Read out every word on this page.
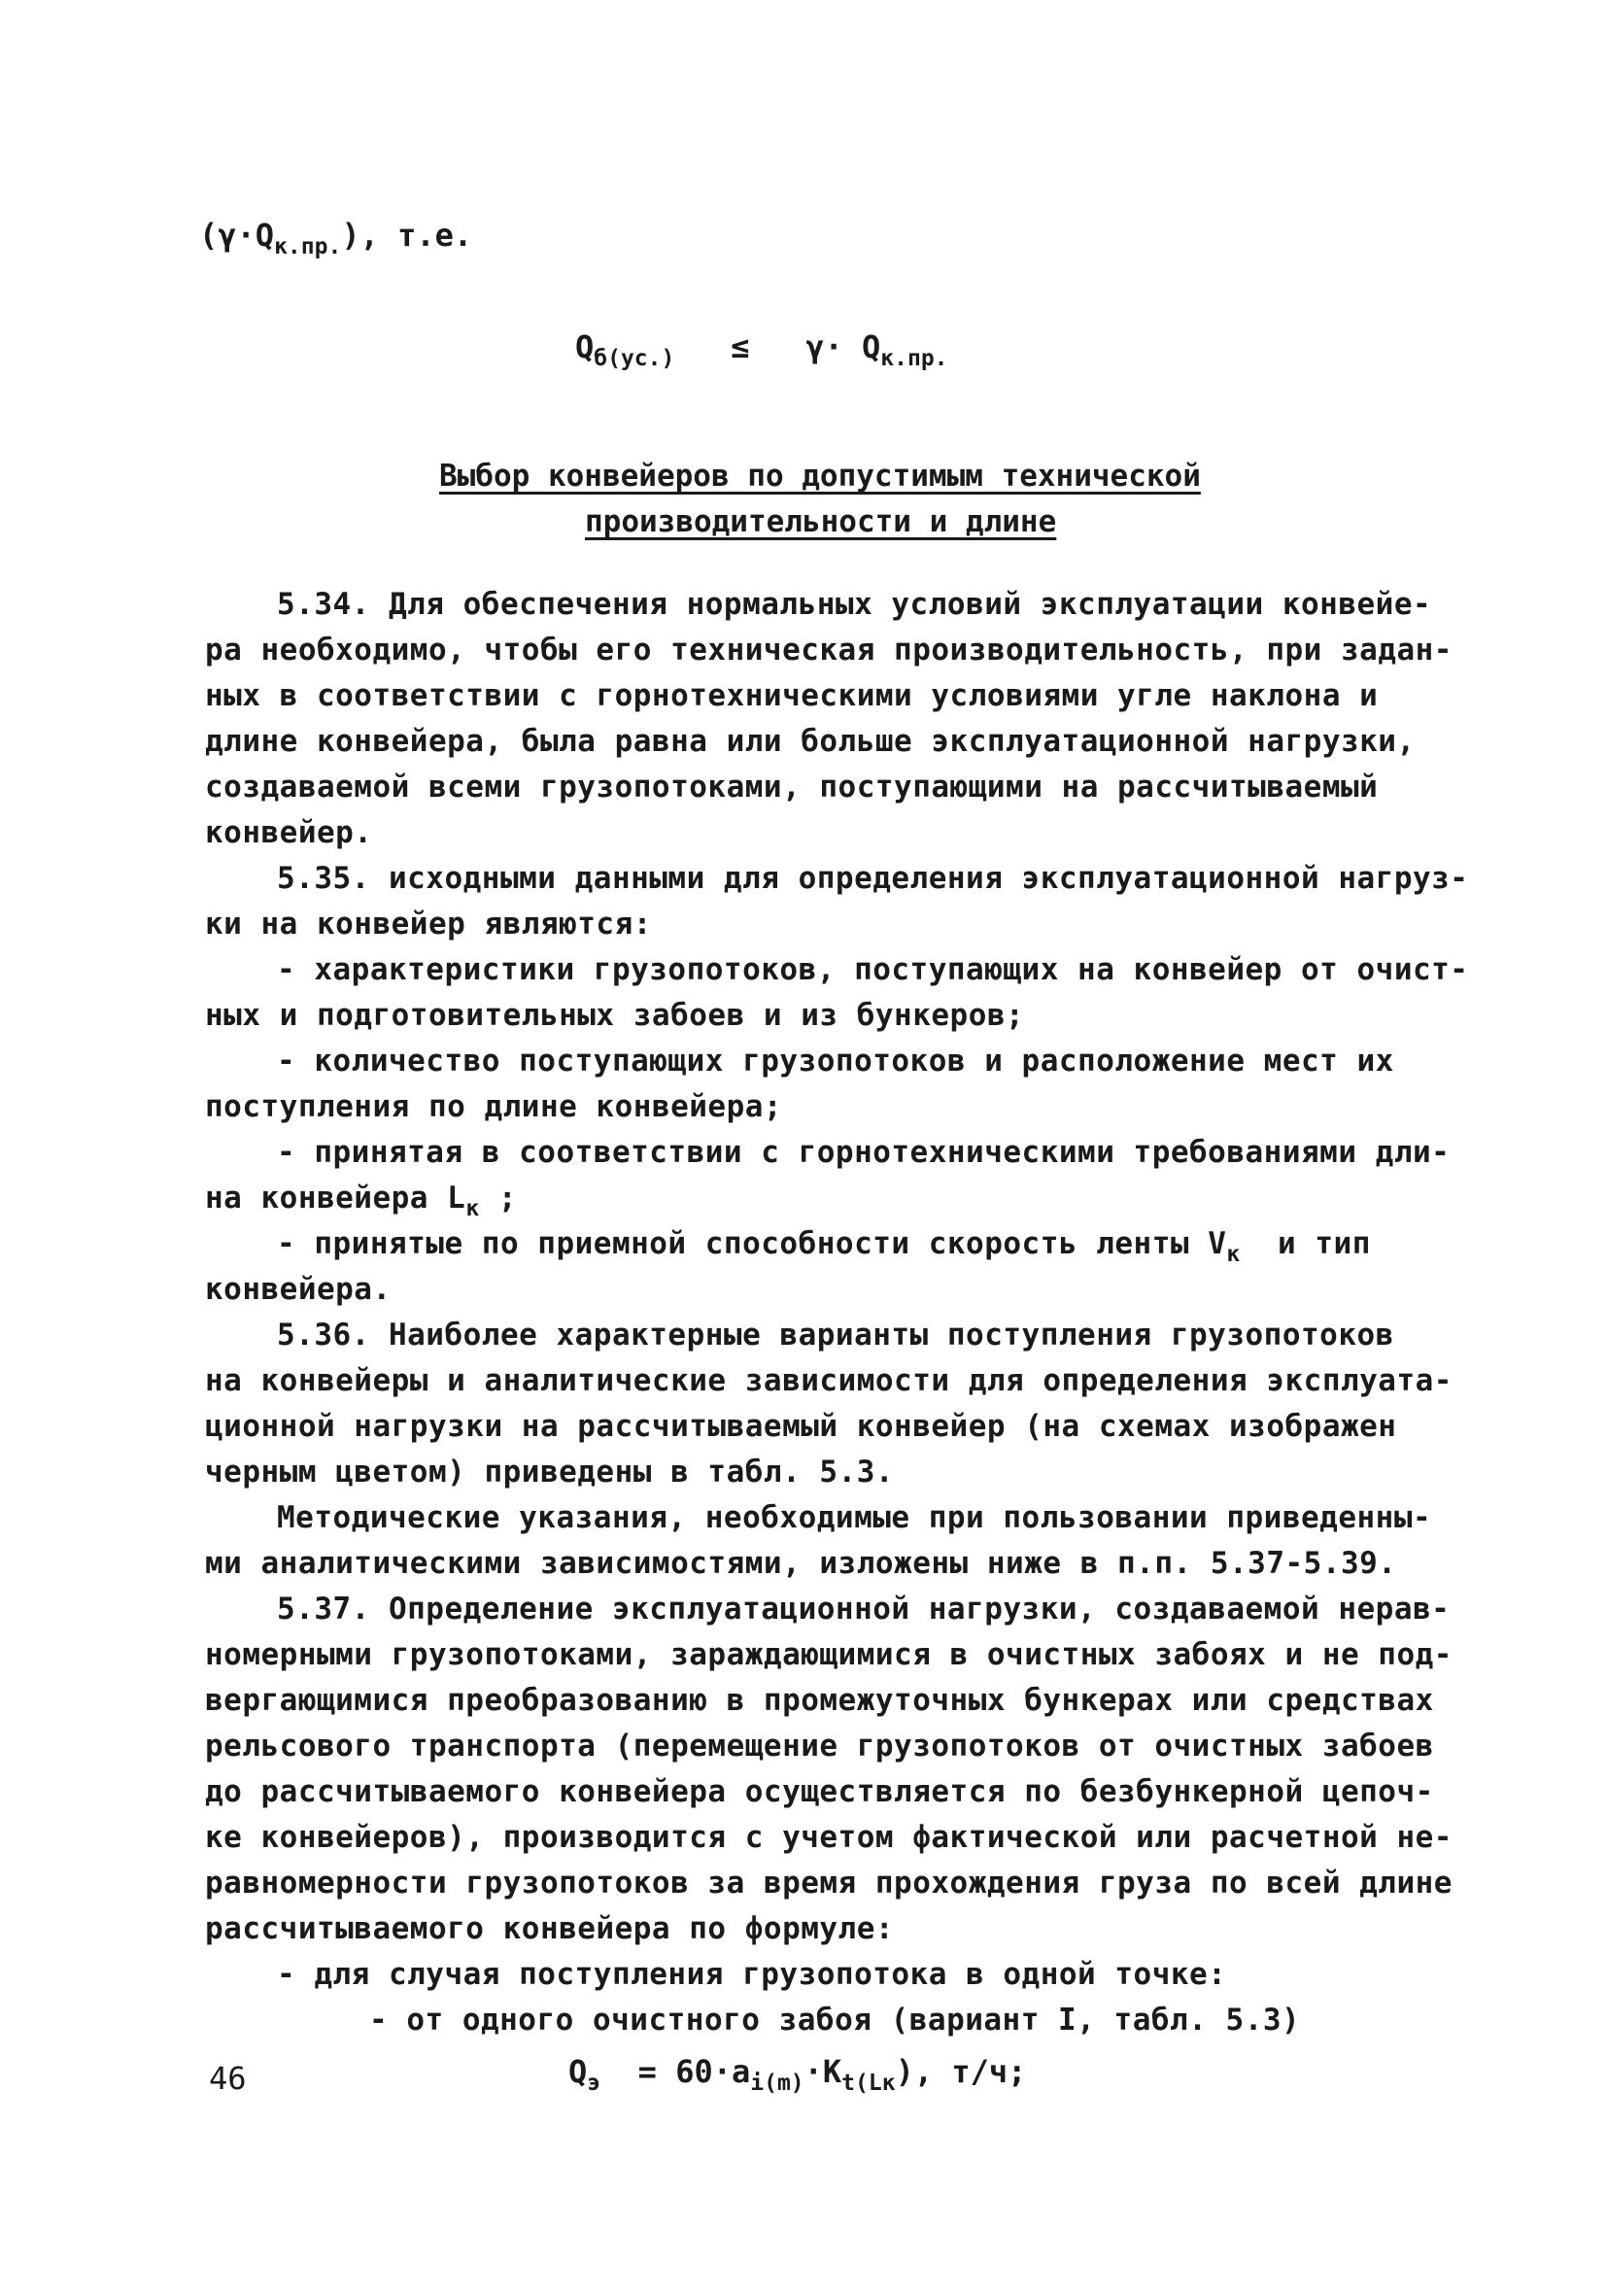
$(\gamma\cdot Q_{к.пр.})$, т.е.
$Q_{б(ус.)} \le \gamma\cdot Q_{к.пр.}$
Выбор конвейеров по допустимым технической
производительности и длине
5.34. Для обеспечения нормальных условий эксплуатации конвейе-
ра необходимо, чтобы его техническая производительность, при задан-
ных в соответствии с горнотехническими условиями угле наклона и
длине конвейера, была равна или больше эксплуатационной нагрузки,
создаваемой всеми грузопотоками, поступающими на рассчитываемый
конвейер.
5.35. исходными данными для определения эксплуатационной нагруз-
ки на конвейер являются:
- характеристики грузопотоков, поступающих на конвейер от очист-
ных и подготовительных забоев и из бункеров;
- количество поступающих грузопотоков и расположение мест их
поступления по длине конвейера;
- принятая в соответствии с горнотехническими требованиями дли-
на конвейера $L_к$ ;
- принятые по приемной способности скорость ленты $V_к$  и тип
конвейера.
5.36. Наиболее характерные варианты поступления грузопотоков
на конвейеры и аналитические зависимости для определения эксплуата-
ционной нагрузки на рассчитываемый конвейер (на схемах изображен
черным цветом) приведены в табл. 5.3.
Методические указания, необходимые при пользовании приведенны-
ми аналитическими зависимостями, изложены ниже в п.п. 5.37-5.39.
5.37. Определение эксплуатационной нагрузки, создаваемой нерав-
номерными грузопотоками, зараждающимися в очистных забоях и не под-
вергающимися преобразованию в промежуточных бункерах или средствах
рельсового транспорта (перемещение грузопотоков от очистных забоев
до рассчитываемого конвейера осуществляется по безбункерной цепоч-
ке конвейеров), производится с учетом фактической или расчетной не-
равномерности грузопотоков за время прохождения груза по всей длине
рассчитываемого конвейера по формуле:
- для случая поступления грузопотока в одной точке:
- от одного очистного забоя (вариант I, табл. 5.3)
$Q_э = 60\cdot a_{i(m)}\cdot K_{t(Lк}$), т/ч;
46
